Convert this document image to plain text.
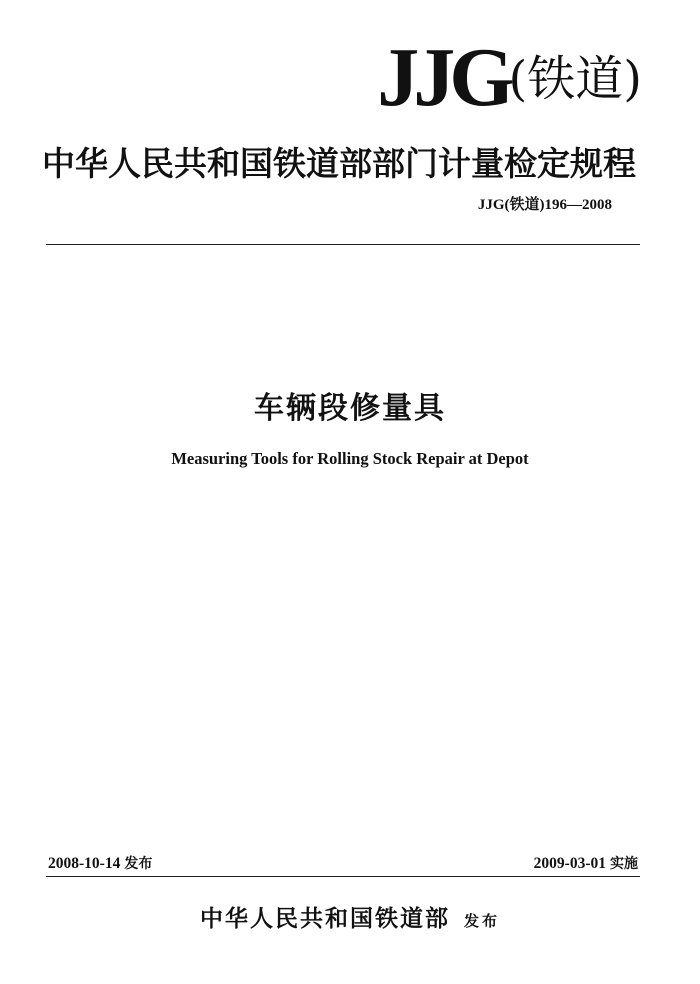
JJG(铁道)
中华人民共和国铁道部部门计量检定规程
JJG(铁道)196—2008
车辆段修量具
Measuring Tools for Rolling Stock Repair at Depot
2008-10-14 发布	2009-03-01 实施
中华人民共和国铁道部 发布
